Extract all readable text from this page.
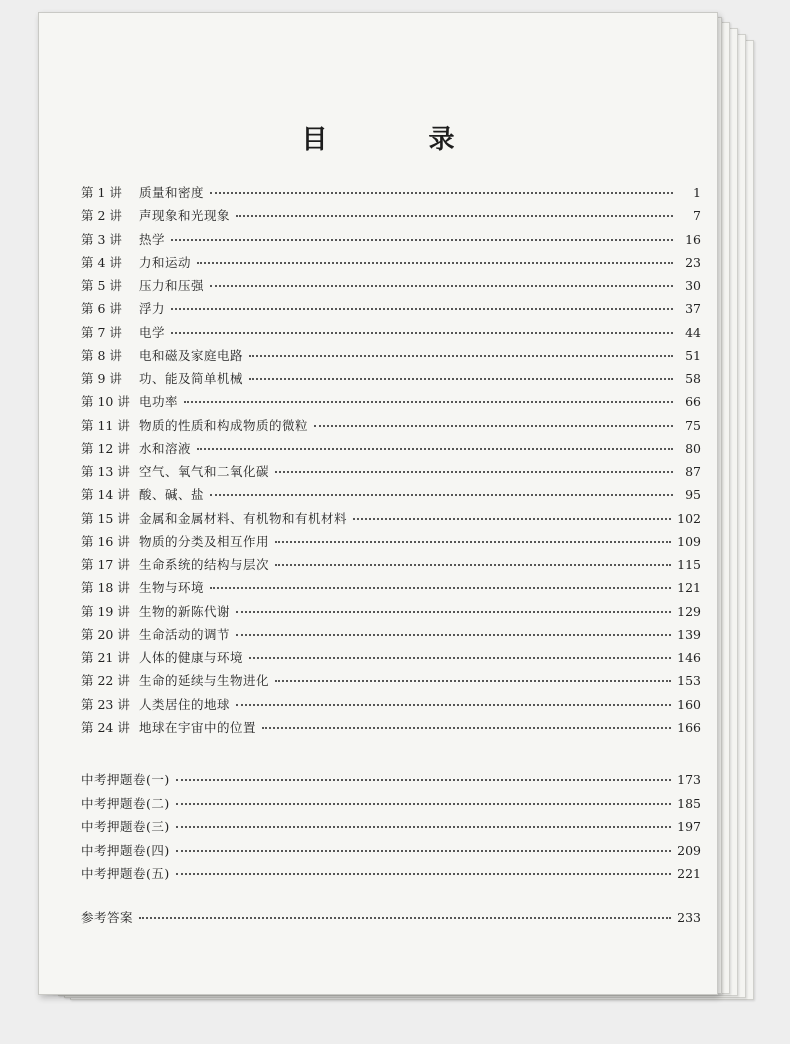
目 录
第 1 讲	质量和密度	1
第 2 讲	声现象和光现象	7
第 3 讲	热学	16
第 4 讲	力和运动	23
第 5 讲	压力和压强	30
第 6 讲	浮力	37
第 7 讲	电学	44
第 8 讲	电和磁及家庭电路	51
第 9 讲	功、能及简单机械	58
第 10 讲 电功率	66
第 11 讲 物质的性质和构成物质的微粒	75
第 12 讲 水和溶液	80
第 13 讲 空气、氧气和二氧化碳	87
第 14 讲 酸、碱、盐	95
第 15 讲 金属和金属材料、有机物和有机材料	102
第 16 讲 物质的分类及相互作用	109
第 17 讲 生命系统的结构与层次	115
第 18 讲 生物与环境	121
第 19 讲 生物的新陈代谢	129
第 20 讲 生命活动的调节	139
第 21 讲 人体的健康与环境	146
第 22 讲 生命的延续与生物进化	153
第 23 讲 人类居住的地球	160
第 24 讲 地球在宇宙中的位置	166
中考押题卷(一)	173
中考押题卷(二)	185
中考押题卷(三)	197
中考押题卷(四)	209
中考押题卷(五)	221
参考答案	233
